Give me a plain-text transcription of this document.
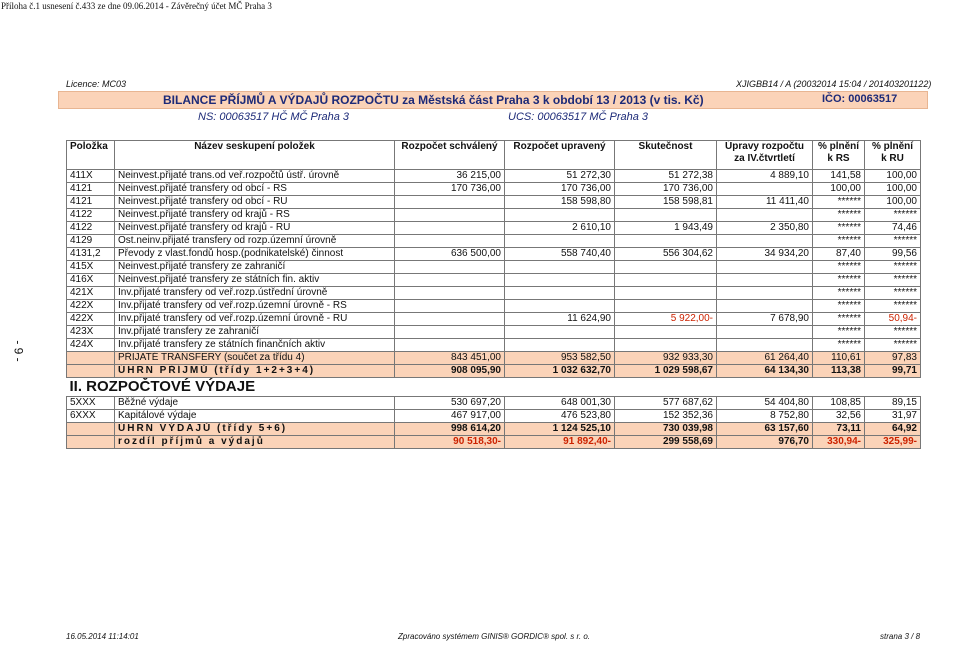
Příloha č.1 usnesení č.433 ze dne 09.06.2014 - Závěrečný účet MČ Praha 3
Licence: MC03	XJIGBB14 / A (20032014 15:04 / 201403201122)
BILANCE PŘÍJMŮ A VÝDAJŮ ROZPOČTU za Městská část Praha 3 k období 13 / 2013 (v tis. Kč)	IČO: 00063517
NS: 00063517 HČ MČ Praha 3	UCS: 00063517 MČ Praha 3
Položka	Název seskupení položek	Rozpočet schválený	Rozpočet upravený	Skutečnost	Úpravy rozpočtu za IV.čtvrtletí	% plnění k RS	% plnění k RU
411X	Neinvest.přijaté trans.od veř.rozpočtů ústř. úrovně	36 215,00	51 272,30	51 272,38	4 889,10	141,58	100,00
4121	Neinvest.přijaté transfery od obcí - RS	170 736,00	170 736,00	170 736,00		100,00	100,00
4121	Neinvest.přijaté transfery od obcí - RU		158 598,80	158 598,81	11 411,40	******	100,00
4122	Neinvest.přijaté transfery od krajů - RS					******	******
4122	Neinvest.přijaté transfery od krajů - RU		2 610,10	1 943,49	2 350,80	******	74,46
4129	Ost.neinv.přijaté transfery od rozp.územní úrovně					******	******
4131,2	Převody z vlast.fondů hosp.(podnikatelské) činnost	636 500,00	558 740,40	556 304,62	34 934,20	87,40	99,56
415X	Neinvest.přijaté transfery ze zahraničí					******	******
416X	Neinvest.přijaté transfery ze státních fin. aktiv					******	******
421X	Inv.přijaté transfery od veř.rozp.ústřední úrovně					******	******
422X	Inv.přijaté transfery od veř.rozp.územní úrovně - RS					******	******
422X	Inv.přijaté transfery od veř.rozp.územní úrovně - RU		11 624,90	5 922,00-	7 678,90	******	50,94-
423X	Inv.přijaté transfery ze zahraničí					******	******
424X	Inv.přijaté transfery ze státních finančních aktiv					******	******
	PŘIJATÉ TRANSFERY (součet za třídu 4)	843 451,00	953 582,50	932 933,30	61 264,40	110,61	97,83
	ÚHRN PŘÍJMŮ (třídy 1+2+3+4)	908 095,90	1 032 632,70	1 029 598,67	64 134,30	113,38	99,71
II. ROZPOČTOVÉ VÝDAJE							
5XXX	Běžné výdaje	530 697,20	648 001,30	577 687,62	54 404,80	108,85	89,15
6XXX	Kapitálové výdaje	467 917,00	476 523,80	152 352,36	8 752,80	32,56	31,97
	ÚHRN VÝDAJŮ (třídy 5+6)	998 614,20	1 124 525,10	730 039,98	63 157,60	73,11	64,92
	rozdíl příjmů a výdajů	90 518,30-	91 892,40-	299 558,69	976,70	330,94-	325,99-
- 9 -
16.05.2014 11:14:01	Zpracováno systémem GINIS® GORDIC® spol. s r. o.	strana 3 / 8
